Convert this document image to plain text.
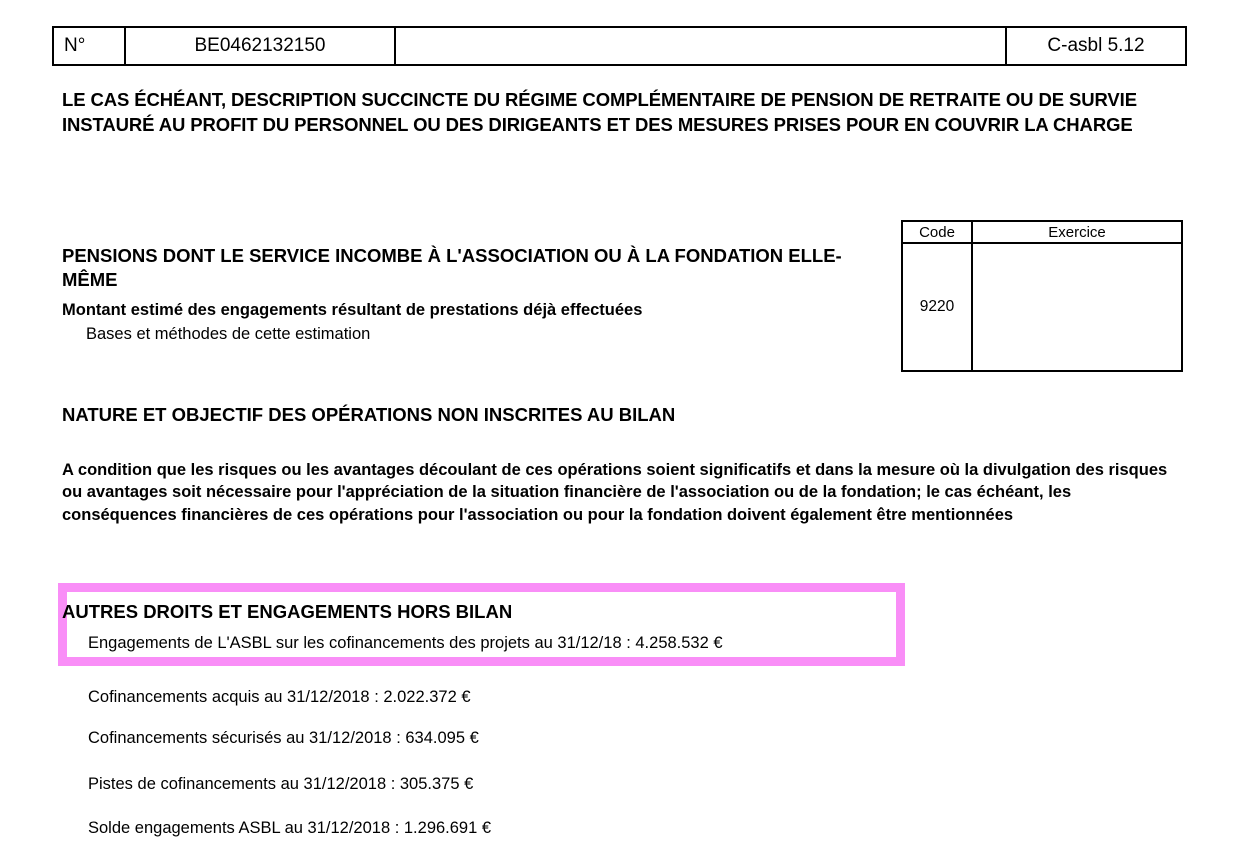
N°	BE0462132150	C-asbl 5.12
LE CAS ÉCHÉANT, DESCRIPTION SUCCINCTE DU RÉGIME COMPLÉMENTAIRE DE PENSION DE RETRAITE OU DE SURVIE INSTAURÉ AU PROFIT DU PERSONNEL OU DES DIRIGEANTS ET DES MESURES PRISES POUR EN COUVRIR LA CHARGE
PENSIONS DONT LE SERVICE INCOMBE À L'ASSOCIATION OU À LA FONDATION ELLE-MÊME
Montant estimé des engagements résultant de prestations déjà effectuées
Bases et méthodes de cette estimation
Code	Exercice
9220
NATURE ET OBJECTIF DES OPÉRATIONS NON INSCRITES AU BILAN
A condition que les risques ou les avantages découlant de ces opérations soient significatifs et dans la mesure où la divulgation des risques ou avantages soit nécessaire pour l'appréciation de la situation financière de l'association ou de la fondation; le cas échéant, les conséquences financières de ces opérations pour l'association ou pour la fondation doivent également être mentionnées
AUTRES DROITS ET ENGAGEMENTS HORS BILAN
Engagements de L'ASBL sur les cofinancements des projets au 31/12/18 : 4.258.532 €
Cofinancements acquis au 31/12/2018 : 2.022.372 €
Cofinancements sécurisés au 31/12/2018 : 634.095 €
Pistes de cofinancements au 31/12/2018 : 305.375 €
Solde engagements ASBL au 31/12/2018 : 1.296.691 €
